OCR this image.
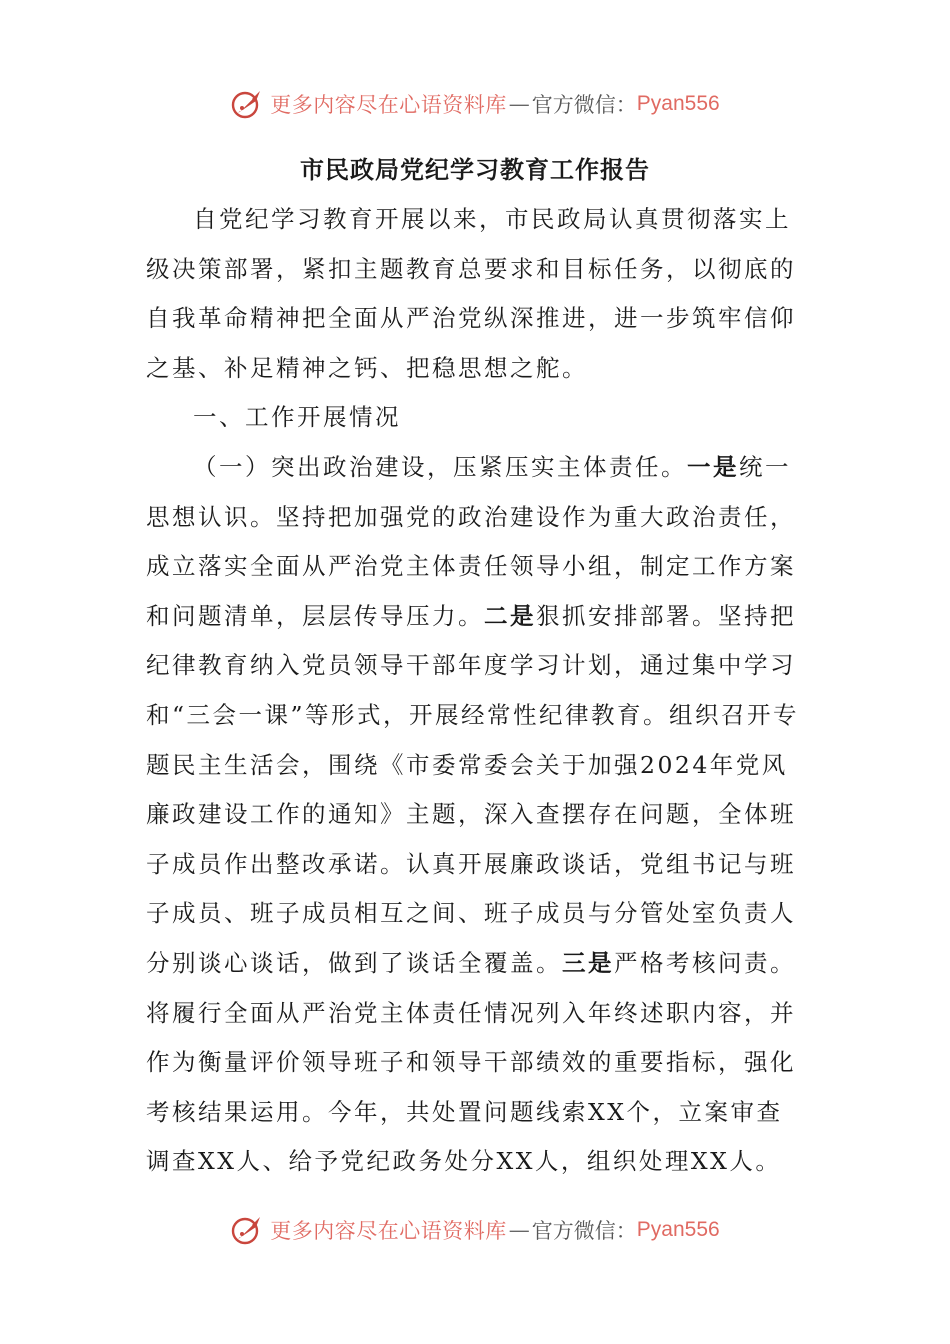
更多内容尽在心语资料库 — 官方微信： Pyan556
市民政局党纪学习教育工作报告

自党纪学习教育开展以来，市民政局认真贯彻落实上级决策部署，紧扣主题教育总要求和目标任务，以彻底的自我革命精神把全面从严治党纵深推进，进一步筑牢信仰之基、补足精神之钙、把稳思想之舵。

一、工作开展情况

（一）突出政治建设，压紧压实主体责任。一是统一思想认识。坚持把加强党的政治建设作为重大政治责任，成立落实全面从严治党主体责任领导小组，制定工作方案和问题清单，层层传导压力。二是狠抓安排部署。坚持把纪律教育纳入党员领导干部年度学习计划，通过集中学习和“三会一课”等形式，开展经常性纪律教育。组织召开专题民主生活会，围绕《市委常委会关于加强2024年党风廉政建设工作的通知》主题，深入查摆存在问题，全体班子成员作出整改承诺。认真开展廉政谈话，党组书记与班子成员、班子成员相互之间、班子成员与分管处室负责人分别谈心谈话，做到了谈话全覆盖。三是严格考核问责。将履行全面从严治党主体责任情况列入年终述职内容，并作为衡量评价领导班子和领导干部绩效的重要指标，强化考核结果运用。今年，共处置问题线索XX个，立案审查调查XX人、给予党纪政务处分XX人，组织处理XX人。

更多内容尽在心语资料库 — 官方微信： Pyan556
